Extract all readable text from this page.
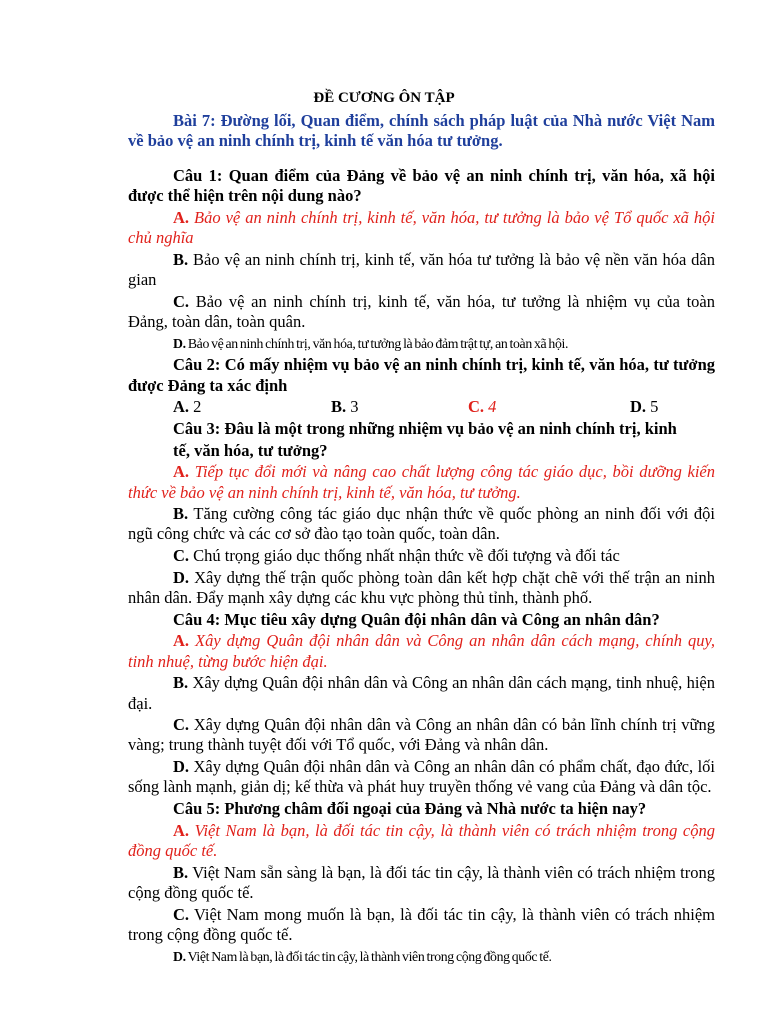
ĐỀ CƯƠNG ÔN TẬP
Bài 7: Đường lối, Quan điểm, chính sách pháp luật của Nhà nước Việt Nam về bảo vệ an ninh chính trị, kinh tế văn hóa tư tưởng.

Câu 1: Quan điểm của Đảng về bảo vệ an ninh chính trị, văn hóa, xã hội được thể hiện trên nội dung nào?

A. Bảo vệ an ninh chính trị, kinh tế, văn hóa, tư tưởng là bảo vệ Tổ quốc xã hội chủ nghĩa

B. Bảo vệ an ninh chính trị, kinh tế, văn hóa tư tưởng là bảo vệ nền văn hóa dân gian

C. Bảo vệ an ninh chính trị, kinh tế, văn hóa, tư tưởng là nhiệm vụ của toàn Đảng, toàn dân, toàn quân.

D. Bảo vệ an ninh chính trị, văn hóa, tư tưởng là bảo đảm trật tự, an toàn xã hội.

Câu 2: Có mấy nhiệm vụ bảo vệ an ninh chính trị, kinh tế, văn hóa, tư tưởng được Đảng ta xác định

A. 2	B. 3	C. 4	D. 5

Câu 3: Đâu là một trong những nhiệm vụ bảo vệ an ninh chính trị, kinh

tế, văn hóa, tư tưởng?

A. Tiếp tục đổi mới và nâng cao chất lượng công tác giáo dục, bồi dưỡng kiến thức về bảo vệ an ninh chính trị, kinh tế, văn hóa, tư tưởng.

B. Tăng cường công tác giáo dục nhận thức về quốc phòng an ninh đối với đội ngũ công chức và các cơ sở đào tạo toàn quốc, toàn dân.

C. Chú trọng giáo dục thống nhất nhận thức về đối tượng và đối tác

D. Xây dựng thế trận quốc phòng toàn dân kết hợp chặt chẽ với thế trận an ninh nhân dân. Đẩy mạnh xây dựng các khu vực phòng thủ tỉnh, thành phố.

Câu 4: Mục tiêu xây dựng Quân đội nhân dân và Công an nhân dân?

A. Xây dựng Quân đội nhân dân và Công an nhân dân cách mạng, chính quy, tinh nhuệ, từng bước hiện đại.

B. Xây dựng Quân đội nhân dân và Công an nhân dân cách mạng, tinh nhuệ, hiện đại.

C. Xây dựng Quân đội nhân dân và Công an nhân dân có bản lĩnh chính trị vững vàng; trung thành tuyệt đối với Tổ quốc, với Đảng và nhân dân.

D. Xây dựng Quân đội nhân dân và Công an nhân dân có phẩm chất, đạo đức, lối sống lành mạnh, giản dị; kế thừa và phát huy truyền thống vẻ vang của Đảng và dân tộc.

Câu 5: Phương châm đối ngoại của Đảng và Nhà nước ta hiện nay?

A. Việt Nam là bạn, là đối tác tin cậy, là thành viên có trách nhiệm trong cộng đồng quốc tế.

B. Việt Nam sẵn sàng là bạn, là đối tác tin cậy, là thành viên có trách nhiệm trong cộng đồng quốc tế.

C. Việt Nam mong muốn là bạn, là đối tác tin cậy, là thành viên có trách nhiệm trong cộng đồng quốc tế.

D. Việt Nam là bạn, là đối tác tin cậy, là thành viên trong cộng đồng quốc tế.
